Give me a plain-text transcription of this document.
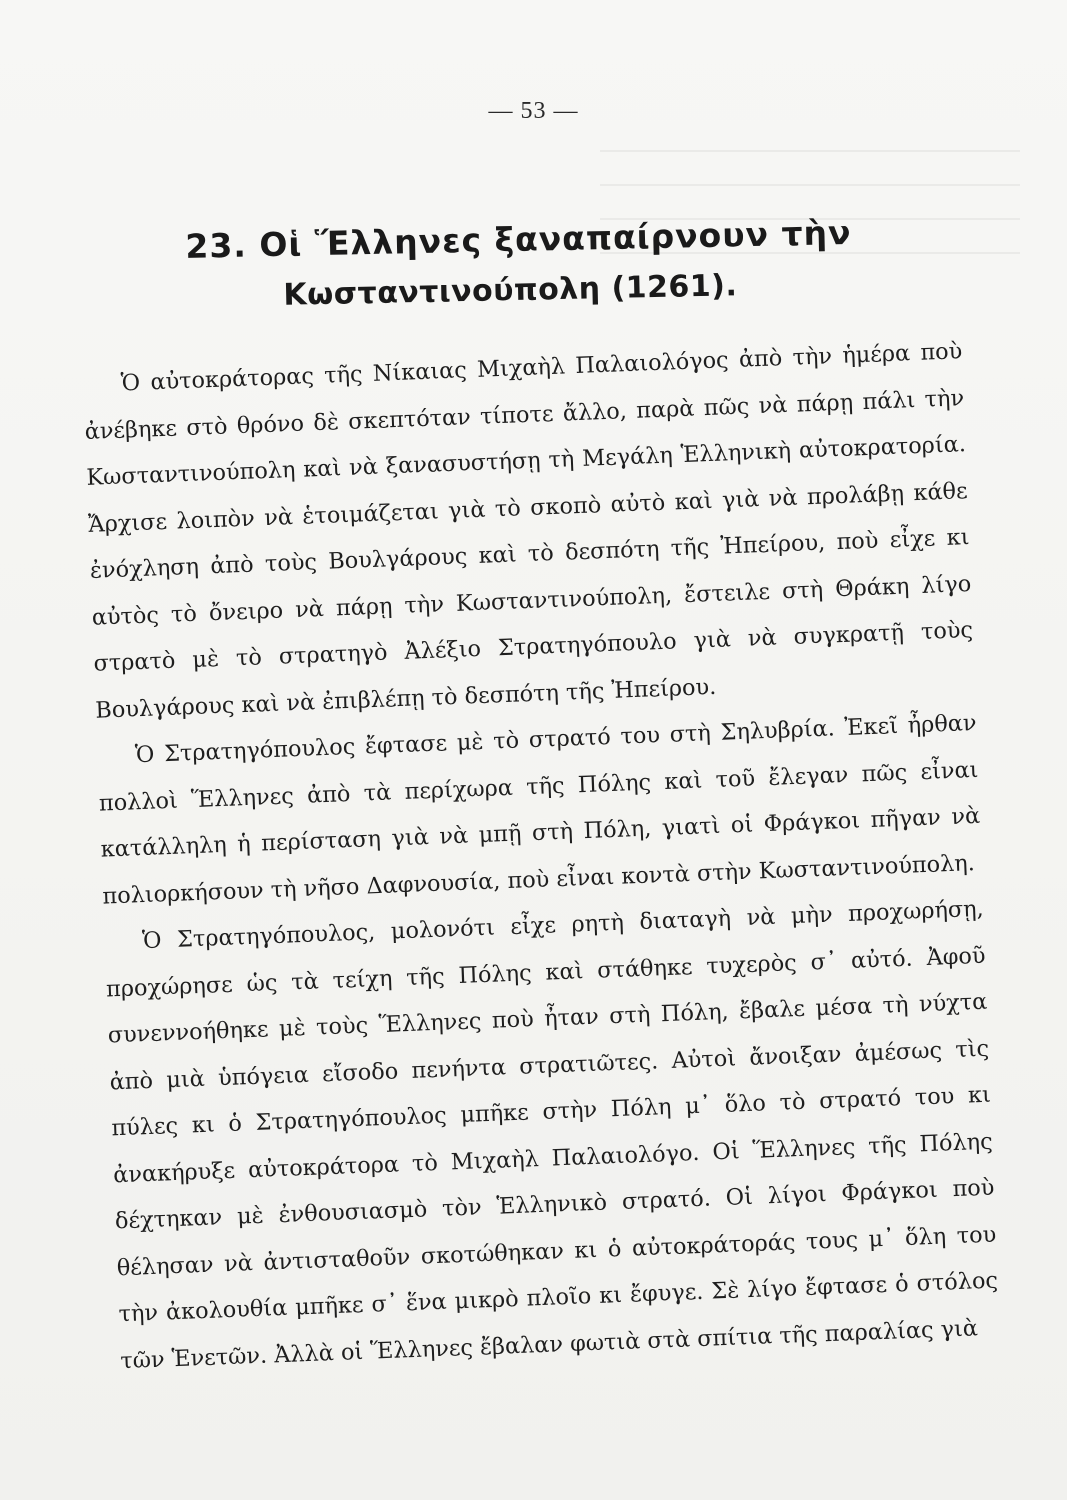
— 53 —
23. Οἱ Ἕλληνες ξαναπαίρνουν τὴν
Κωσταντινούπολη (1261).

Ὁ αὐτοκράτορας τῆς Νίκαιας Μιχαὴλ Παλαιολόγος ἀπὸ τὴν ἡμέρα ποὺ ἀνέβηκε στὸ θρόνο δὲ σκεπτόταν τίποτε ἄλλο, παρὰ πῶς νὰ πάρῃ πάλι τὴν Κωσταντινούπολη καὶ νὰ ξανασυστήσῃ τὴ Μεγάλη Ἑλληνικὴ αὐτοκρατορία. Ἄρχισε λοιπὸν νὰ ἑτοιμάζεται γιὰ τὸ σκοπὸ αὐτὸ καὶ γιὰ νὰ προλάβῃ κάθε ἐνόχληση ἀπὸ τοὺς Βουλγάρους καὶ τὸ δεσπότη τῆς Ἠπείρου, ποὺ εἶχε κι αὐτὸς τὸ ὄνειρο νὰ πάρῃ τὴν Κωσταντινούπολη, ἔστειλε στὴ Θράκη λίγο στρατὸ μὲ τὸ στρατηγὸ Ἀλέξιο Στρατηγόπουλο γιὰ νὰ συγκρατῇ τοὺς Βουλγάρους καὶ νὰ ἐπιβλέπῃ τὸ δεσπότη τῆς Ἠπείρου.

Ὁ Στρατηγόπουλος ἔφτασε μὲ τὸ στρατό του στὴ Σηλυβρία. Ἐκεῖ ἦρθαν πολλοὶ Ἕλληνες ἀπὸ τὰ περίχωρα τῆς Πόλης καὶ τοῦ ἔλεγαν πῶς εἶναι κατάλληλη ἡ περίσταση γιὰ νὰ μπῇ στὴ Πόλη, γιατὶ οἱ Φράγκοι πῆγαν νὰ πολιορκήσουν τὴ νῆσο Δαφνουσία, ποὺ εἶναι κοντὰ στὴν Κωσταντινούπολη.

Ὁ Στρατηγόπουλος, μολονότι εἶχε ρητὴ διαταγὴ νὰ μὴν προχωρήσῃ, προχώρησε ὡς τὰ τείχη τῆς Πόλης καὶ στάθηκε τυχερὸς σ᾽ αὐτό. Ἀφοῦ συνεννοήθηκε μὲ τοὺς Ἕλληνες ποὺ ἦταν στὴ Πόλη, ἔβαλε μέσα τὴ νύχτα ἀπὸ μιὰ ὑπόγεια εἴσοδο πενήντα στρατιῶτες. Αὐτοὶ ἄνοιξαν ἀμέσως τὶς πύλες κι ὁ Στρατηγόπουλος μπῆκε στὴν Πόλη μ᾽ ὅλο τὸ στρατό του κι ἀνακήρυξε αὐτοκράτορα τὸ Μιχαὴλ Παλαιολόγο. Οἱ Ἕλληνες τῆς Πόλης δέχτηκαν μὲ ἐνθουσιασμὸ τὸν Ἑλληνικὸ στρατό. Οἱ λίγοι Φράγκοι ποὺ θέλησαν νὰ ἀντισταθοῦν σκοτώθηκαν κι ὁ αὐτοκράτοράς τους μ᾽ ὅλη του τὴν ἀκολουθία μπῆκε σ᾽ ἕνα μικρὸ πλοῖο κι ἔφυγε. Σὲ λίγο ἔφτασε ὁ στόλος τῶν Ἑνετῶν. Ἀλλὰ οἱ Ἕλληνες ἔβαλαν φωτιὰ στὰ σπίτια τῆς παραλίας γιὰ
